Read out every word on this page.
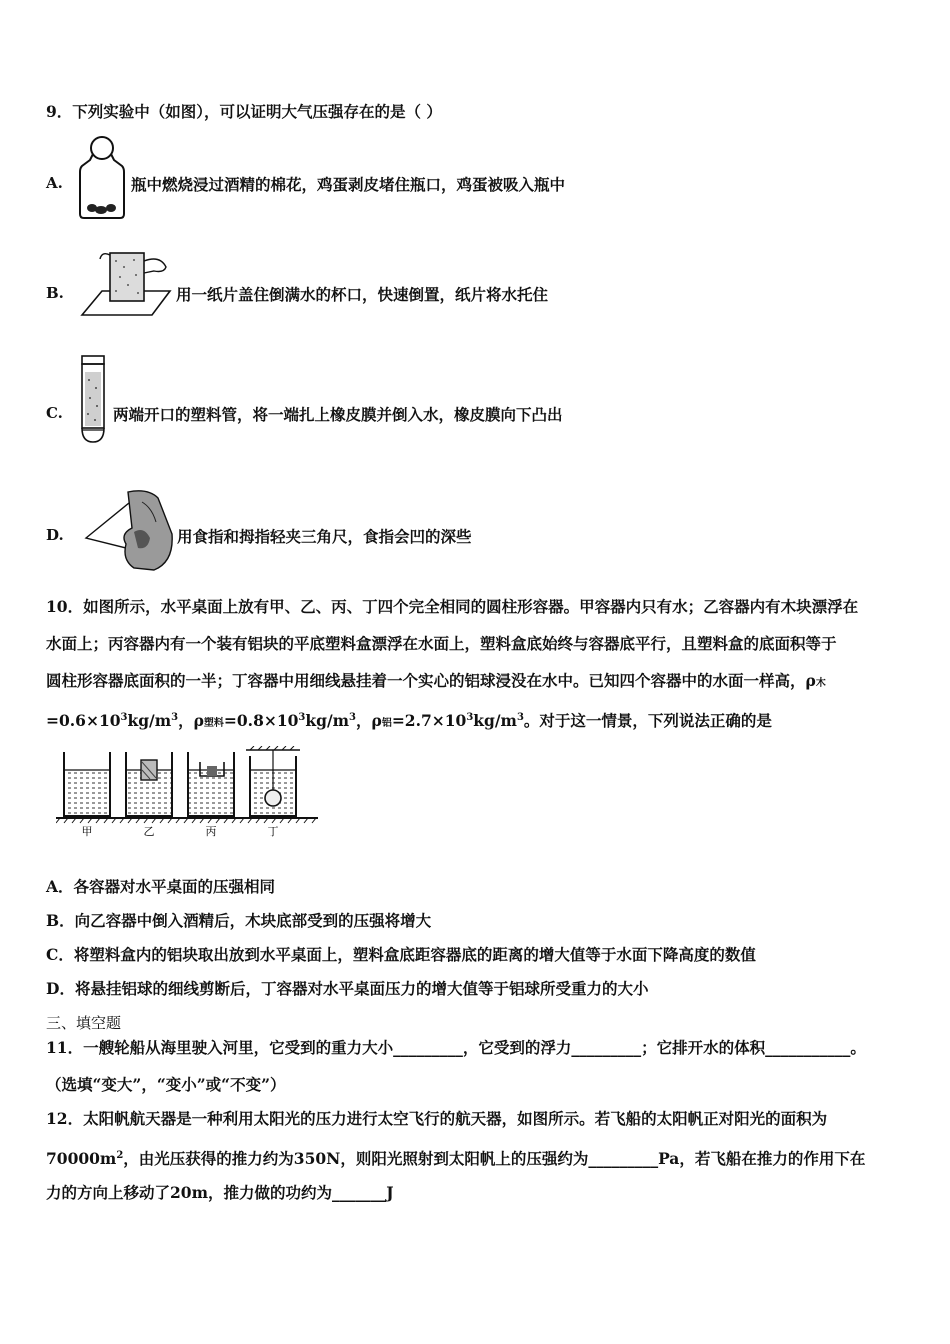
9．下列实验中（如图），可以证明大气压强存在的是（ ）
A.	瓶中燃烧浸过酒精的棉花，鸡蛋剥皮堵住瓶口，鸡蛋被吸入瓶中
B.	用一纸片盖住倒满水的杯口，快速倒置，纸片将水托住
C.	两端开口的塑料管，将一端扎上橡皮膜并倒入水，橡皮膜向下凸出
D.	用食指和拇指轻夹三角尺，食指会凹的深些
10．如图所示，水平桌面上放有甲、乙、丙、丁四个完全相同的圆柱形容器。甲容器内只有水；乙容器内有木块漂浮在
水面上；丙容器内有一个装有铝块的平底塑料盒漂浮在水面上，塑料盒底始终与容器底平行，且塑料盒的底面积等于
圆柱形容器底面积的一半；丁容器中用细线悬挂着一个实心的铝球浸没在水中。已知四个容器中的水面一样高，ρ木
$=0.6\times 10^3kg/m^3$，ρ塑料$=0.8\times 10^3kg/m^3$，ρ铝$=2.7\times 10^3kg/m^3$。对于这一情景，下列说法正确的是
甲	乙	丙	丁
A．各容器对水平桌面的压强相同
B．向乙容器中倒入酒精后，木块底部受到的压强将增大
C．将塑料盒内的铝块取出放到水平桌面上，塑料盒底距容器底的距离的增大值等于水面下降高度的数值
D．将悬挂铝球的细线剪断后，丁容器对水平桌面压力的增大值等于铝球所受重力的大小
三、填空题
11．一艘轮船从海里驶入河里，它受到的重力大小_________，它受到的浮力_________；它排开水的体积___________。
（选填“变大”，“变小”或“不变”）
12．太阳帆航天器是一种利用太阳光的压力进行太空飞行的航天器，如图所示。若飞船的太阳帆正对阳光的面积为
$70000m^2$，由光压获得的推力约为350N，则阳光照射到太阳帆上的压强约为_________Pa，若飞船在推力的作用下在
力的方向上移动了20m，推力做的功约为_______J
